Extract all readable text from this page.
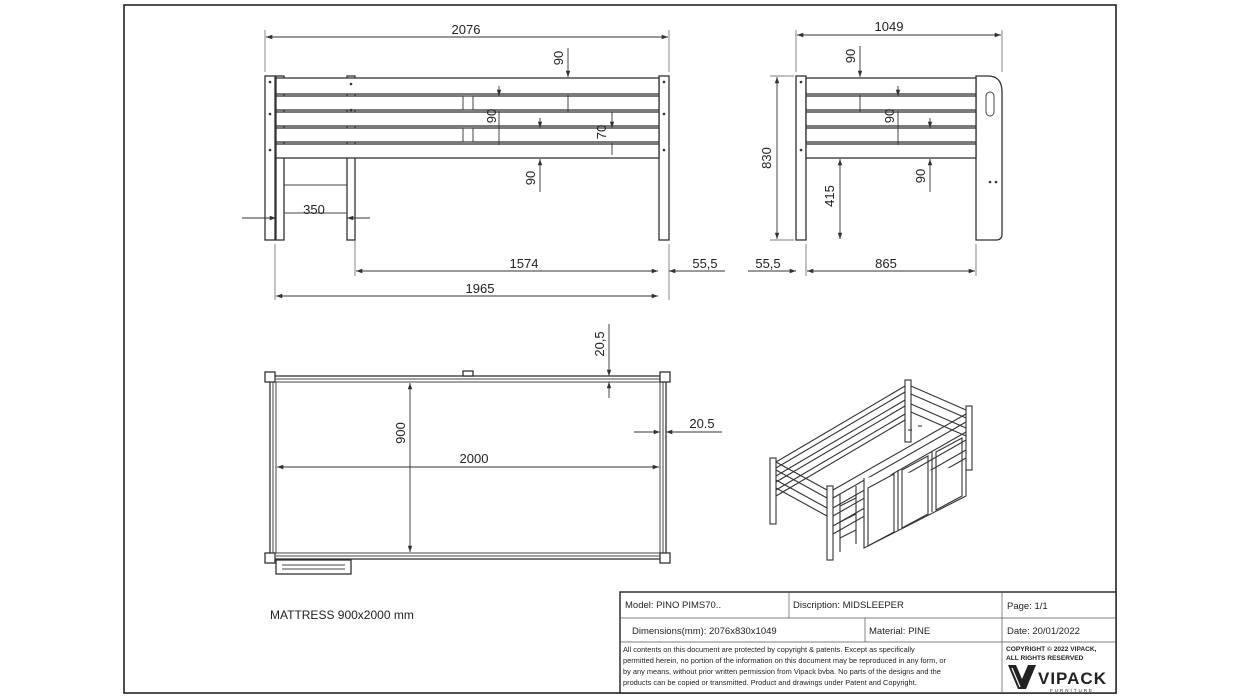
2076
90
90
70
90
350
1574	55,5
1965
1049
90
830
90
90
415
55,5	865
20,5
20.5
900
2000
MATTRESS 900x2000 mm
Model: PINO PIMS70..	Discription: MIDSLEEPER	Page: 1/1
Dimensions(mm): 2076x830x1049	Material: PINE	Date: 20/01/2022
All contents on this document are protected by copyright & patents. Except as specifically
permitted herein, no portion of the information on this document may be reproduced in any form, or
by any means, without prior written permission from Vipack bvba. No parts of the designs and the
products can be copied or transmitted. Product and drawings under Patent and Copyright.
COPYRIGHT © 2022 VIPACK,
ALL RIGHTS RESERVED
VIPACK
FURNITURE
